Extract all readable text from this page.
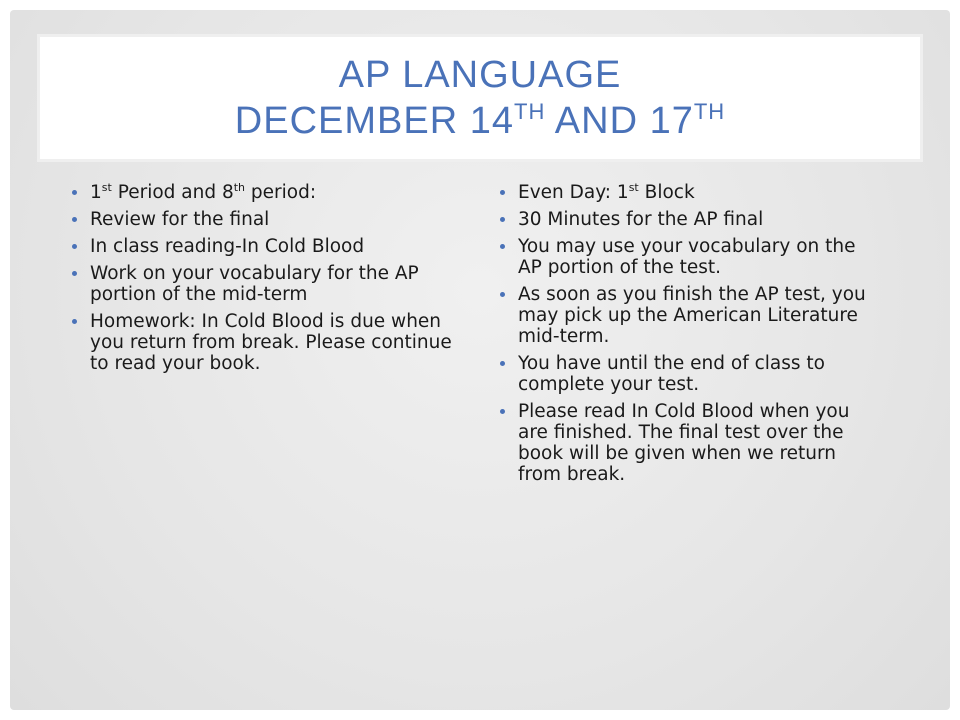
AP LANGUAGE
DECEMBER 14TH AND 17TH
1st Period and 8th period:
Review for the final
In class reading-In Cold Blood
Work on your vocabulary for the AP portion of the mid-term
Homework: In Cold Blood is due when you return from break. Please continue to read your book.
Even Day: 1st Block
30 Minutes for the AP final
You may use your vocabulary on the AP portion of the test.
As soon as you finish the AP test, you may pick up the American Literature mid-term.
You have until the end of class to complete your test.
Please read In Cold Blood when you are finished. The final test over the book will be given when we return from break.
